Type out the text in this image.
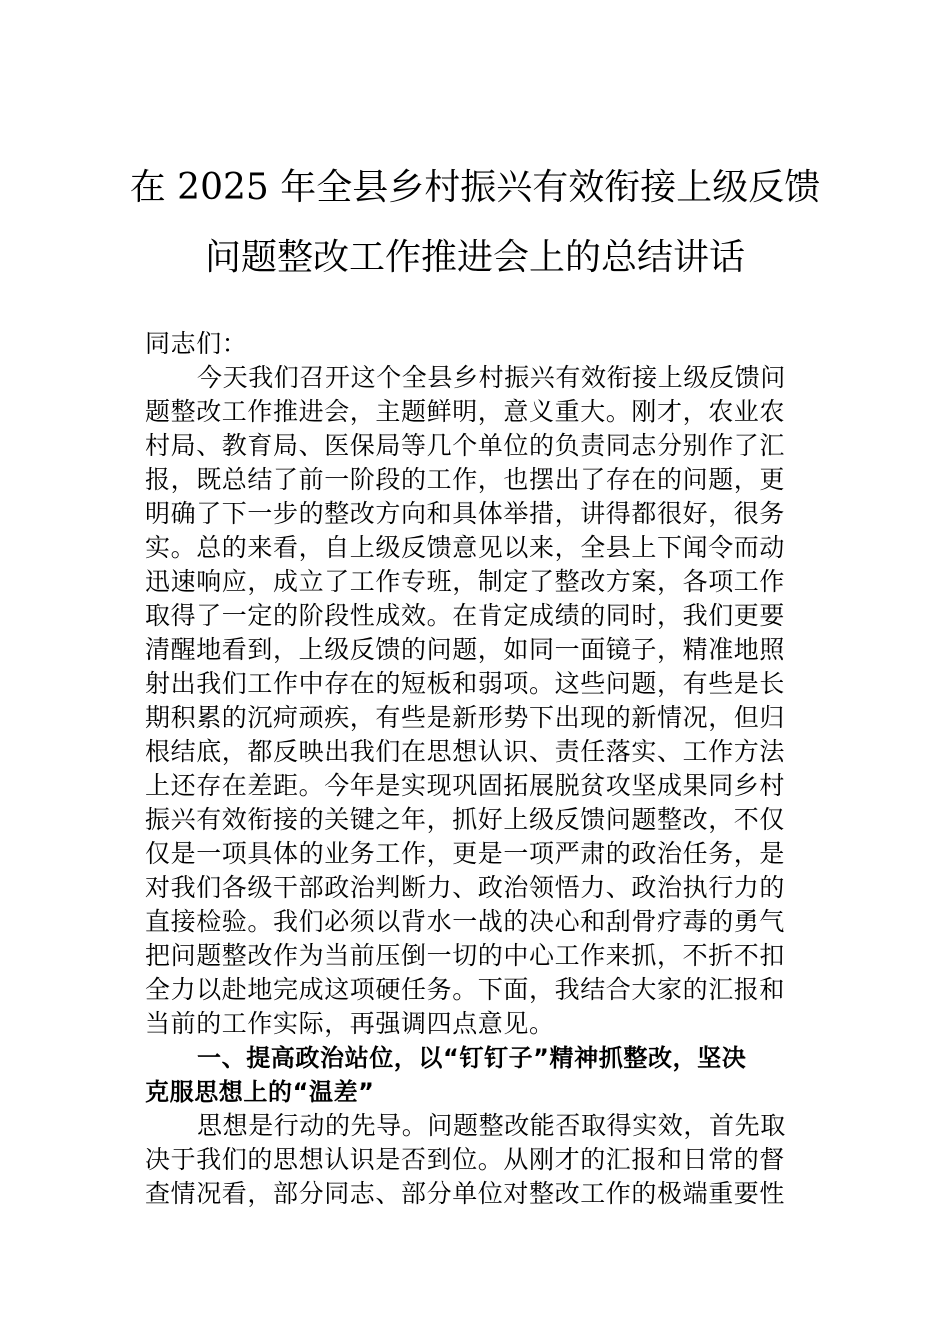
在 2025 年全县乡村振兴有效衔接上级反馈
问题整改工作推进会上的总结讲话
同志们：
今天我们召开这个全县乡村振兴有效衔接上级反馈问
题整改工作推进会，主题鲜明，意义重大。刚才，农业农
村局、教育局、医保局等几个单位的负责同志分别作了汇
报，既总结了前一阶段的工作，也摆出了存在的问题，更
明确了下一步的整改方向和具体举措，讲得都很好，很务
实。总的来看，自上级反馈意见以来，全县上下闻令而动
迅速响应，成立了工作专班，制定了整改方案，各项工作
取得了一定的阶段性成效。在肯定成绩的同时，我们更要
清醒地看到，上级反馈的问题，如同一面镜子，精准地照
射出我们工作中存在的短板和弱项。这些问题，有些是长
期积累的沉疴顽疾，有些是新形势下出现的新情况，但归
根结底，都反映出我们在思想认识、责任落实、工作方法
上还存在差距。今年是实现巩固拓展脱贫攻坚成果同乡村
振兴有效衔接的关键之年，抓好上级反馈问题整改，不仅
仅是一项具体的业务工作，更是一项严肃的政治任务，是
对我们各级干部政治判断力、政治领悟力、政治执行力的
直接检验。我们必须以背水一战的决心和刮骨疗毒的勇气
把问题整改作为当前压倒一切的中心工作来抓，不折不扣
全力以赴地完成这项硬任务。下面，我结合大家的汇报和
当前的工作实际，再强调四点意见。
一、提高政治站位，以“钉钉子”精神抓整改，坚决
克服思想上的“温差”
思想是行动的先导。问题整改能否取得实效，首先取
决于我们的思想认识是否到位。从刚才的汇报和日常的督
查情况看，部分同志、部分单位对整改工作的极端重要性
